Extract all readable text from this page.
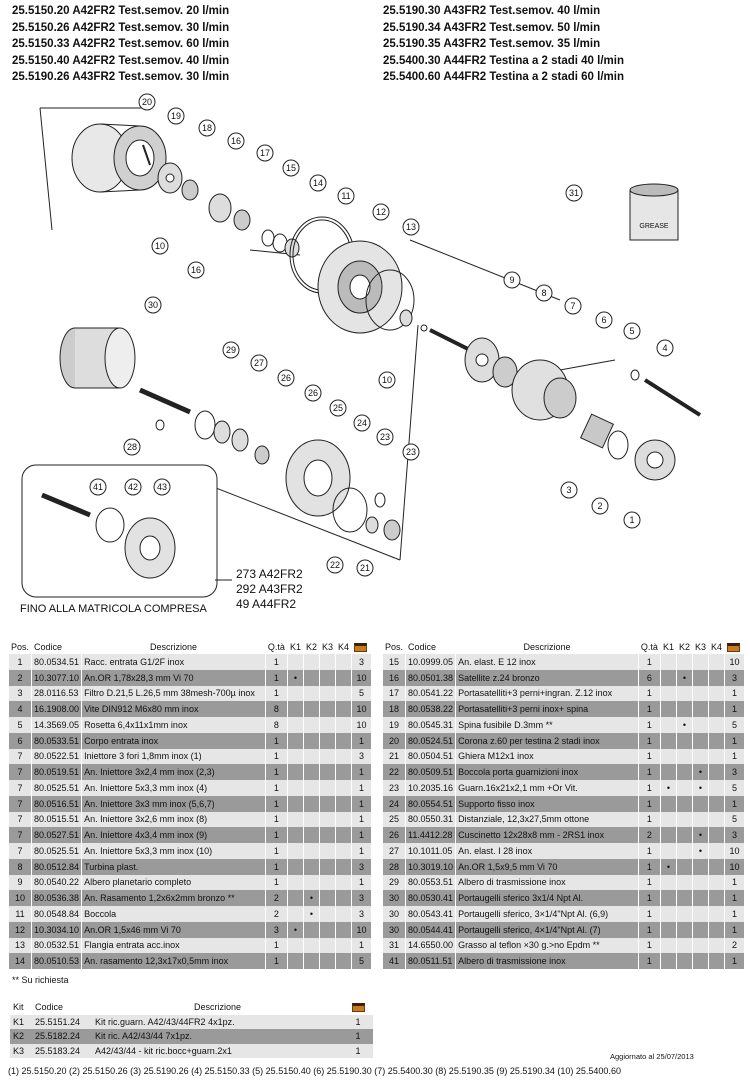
25.5150.20 A42FR2 Test.semov. 20 l/min
25.5150.26 A42FR2 Test.semov. 30 l/min
25.5150.33 A42FR2 Test.semov. 60 l/min
25.5150.40 A42FR2 Test.semov. 40 l/min
25.5190.26 A43FR2 Test.semov. 30 l/min
25.5190.30 A43FR2 Test.semov. 40 l/min
25.5190.34 A43FR2 Test.semov. 50 l/min
25.5190.35 A43FR2 Test.semov. 35 l/min
25.5400.30 A44FR2 Testina a 2 stadi 40 l/min
25.5400.60 A44FR2 Testina a 2 stadi 60 l/min
20
19
18
16
17
15
14
11
12
13
10
16
31
9
8
7
6
5
4
10
30
29
27
26
26
25
24
23
23
28
3
2
1
22 21
41	42 43
GREASE
273 A42FR2
292 A43FR2
49 A44FR2
FINO ALLA MATRICOLA COMPRESA
Pos.	Codice	Descrizione	Q.tà	K1	K2	K3	K4	
1	80.0534.51	Racc. entrata G1/2F inox	1					3
2	10.3077.10	An.OR 1,78x28,3 mm Vi 70	1	•				10
3	28.0116.53	Filtro D.21,5 L.26,5 mm 38mesh-700µ inox	1					5
4	16.1908.00	Vite DIN912 M6x80 mm inox	8					10
5	14.3569.05	Rosetta 6,4x11x1mm inox	8					10
6	80.0533.51	Corpo entrata inox	1					1
7	80.0522.51	Iniettore 3 fori 1,8mm inox (1)	1					3
7	80.0519.51	An. Iniettore 3x2,4 mm inox (2,3)	1					1
7	80.0525.51	An. Iniettore 5x3,3 mm inox (4)	1					1
7	80.0516.51	An. Iniettore 3x3 mm inox (5,6,7)	1					1
7	80.0515.51	An. Iniettore 3x2,6 mm inox (8)	1					1
7	80.0527.51	An. Iniettore 4x3,4 mm inox (9)	1					1
7	80.0525.51	An. Iniettore 5x3,3 mm inox (10)	1					1
8	80.0512.84	Turbina plast.	1					3
9	80.0540.22	Albero planetario completo	1					1
10	80.0536.38	An. Rasamento 1,2x6x2mm bronzo **	2		•			3
11	80.0548.84	Boccola	2		•			3
12	10.3034.10	An.OR 1,5x46 mm Vi 70	3	•				10
13	80.0532.51	Flangia entrata acc.inox	1					1
14	80.0510.53	An. rasamento 12,3x17x0,5mm inox	1					5
Pos.	Codice	Descrizione	Q.tà	K1	K2	K3	K4	
15	10.0999.05	An. elast. E 12 inox	1					10
16	80.0501.38	Satellite z.24 bronzo	6		•			3
17	80.0541.22	Portasatelliti+3 perni+ingran. Z.12 inox	1					1
18	80.0538.22	Portasatelliti+3 perni inox+ spina	1					1
19	80.0545.31	Spina fusibile D.3mm **	1		•			5
20	80.0524.51	Corona z.60 per testina 2 stadi inox	1					1
21	80.0504.51	Ghiera M12x1 inox	1					1
22	80.0509.51	Boccola porta guarnizioni inox	1			•		3
23	10.2035.16	Guarn.16x21x2,1 mm +Or Vit.	1	•		•		5
24	80.0554.51	Supporto fisso inox	1					1
25	80.0550.31	Distanziale, 12,3x27,5mm ottone	1					5
26	11.4412.28	Cuscinetto 12x28x8 mm - 2RS1 inox	2			•		3
27	10.1011.05	An. elast. I 28 inox	1			•		10
28	10.3019.10	An.OR 1,5x9,5 mm Vi 70	1	•				10
29	80.0553.51	Albero di trasmissione inox	1					1
30	80.0530.41	Portaugelli sferico 3x1/4 Npt Al.	1					1
30	80.0543.41	Portaugelli sferico, 3×1/4"Npt Al. (6,9)	1					1
30	80.0544.41	Portaugelli sferico, 4×1/4"Npt Al. (7)	1					1
31	14.6550.00	Grasso al teflon ×30 g.>no Epdm **	1					2
41	80.0511.51	Albero di trasmissione inox	1					1
** Su richiesta
Kit	Codice	Descrizione	
K1	25.5151.24	Kit ric.guarn. A42/43/44FR2 4x1pz.	1
K2	25.5182.24	Kit ric. A42/43/44 7x1pz.	1
K3	25.5183.24	A42/43/44 - kit ric.bocc+guarn.2x1	1
Aggiornato al 25/07/2013
(1) 25.5150.20 (2) 25.5150.26 (3) 25.5190.26 (4) 25.5150.33 (5) 25.5150.40 (6) 25.5190.30 (7) 25.5400.30 (8) 25.5190.35 (9) 25.5190.34 (10) 25.5400.60
